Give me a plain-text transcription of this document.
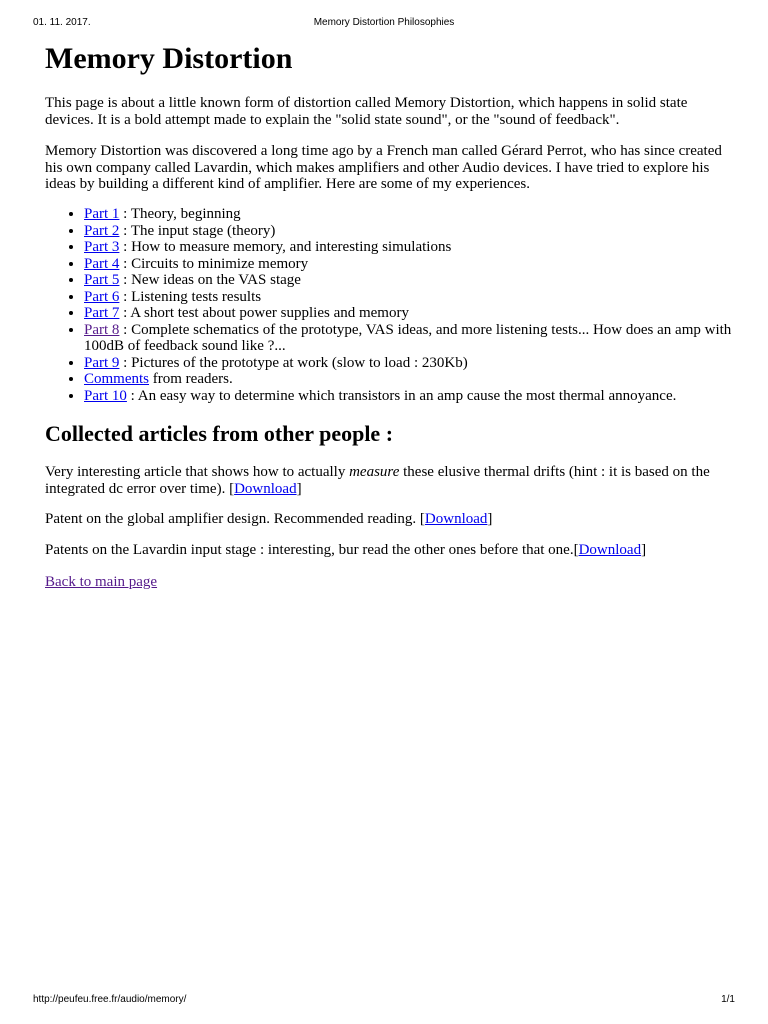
01. 11. 2017.	Memory Distortion Philosophies
Memory Distortion

This page is about a little known form of distortion called Memory Distortion, which happens in solid state devices. It is a bold attempt made to explain the "solid state sound", or the "sound of feedback".

Memory Distortion was discovered a long time ago by a French man called Gérard Perrot, who has since created his own company called Lavardin, which makes amplifiers and other Audio devices. I have tried to explore his ideas by building a different kind of amplifier. Here are some of my experiences.

• Part 1 : Theory, beginning
• Part 2 : The input stage (theory)
• Part 3 : How to measure memory, and interesting simulations
• Part 4 : Circuits to minimize memory
• Part 5 : New ideas on the VAS stage
• Part 6 : Listening tests results
• Part 7 : A short test about power supplies and memory
• Part 8 : Complete schematics of the prototype, VAS ideas, and more listening tests... How does an amp with 100dB of feedback sound like ?...
• Part 9 : Pictures of the prototype at work (slow to load : 230Kb)
• Comments from readers.
• Part 10 : An easy way to determine which transistors in an amp cause the most thermal annoyance.
Collected articles from other people :

Very interesting article that shows how to actually measure these elusive thermal drifts (hint : it is based on the integrated dc error over time). [Download]

Patent on the global amplifier design. Recommended reading. [Download]

Patents on the Lavardin input stage : interesting, bur read the other ones before that one.[Download]

Back to main page

http://peufeu.free.fr/audio/memory/	1/1
